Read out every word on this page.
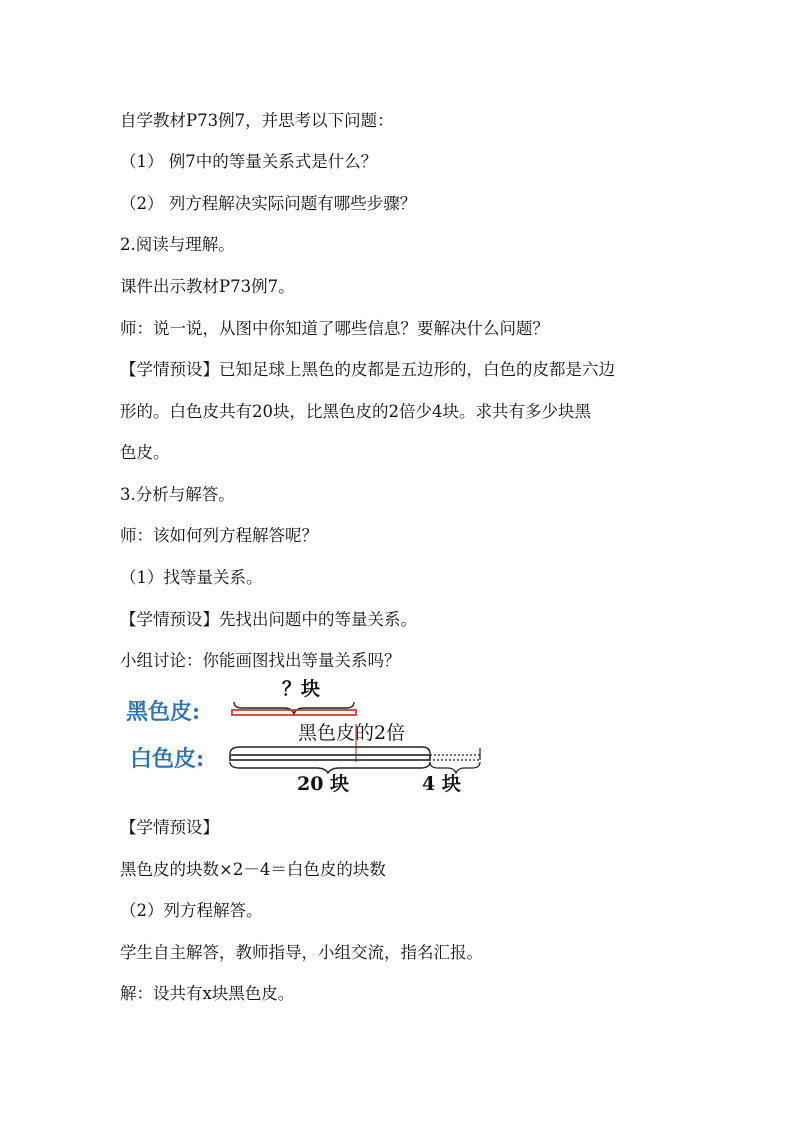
自学教材P73例7，并思考以下问题：
（1） 例7中的等量关系式是什么？
（2） 列方程解决实际问题有哪些步骤？
2.阅读与理解。
课件出示教材P73例7。
师：说一说，从图中你知道了哪些信息？要解决什么问题？
【学情预设】已知足球上黑色的皮都是五边形的，白色的皮都是六边
形的。白色皮共有20块，比黑色皮的2倍少4块。求共有多少块黑
色皮。
3.分析与解答。
师：该如何列方程解答呢？
（1）找等量关系。
【学情预设】先找出问题中的等量关系。
小组讨论：你能画图找出等量关系吗？
黑色皮:
白色皮:
？块
黑色皮的2倍
20 块	4 块
【学情预设】
黑色皮的块数×2－4＝白色皮的块数
（2）列方程解答。
学生自主解答，教师指导，小组交流，指名汇报。
解：设共有x块黑色皮。
